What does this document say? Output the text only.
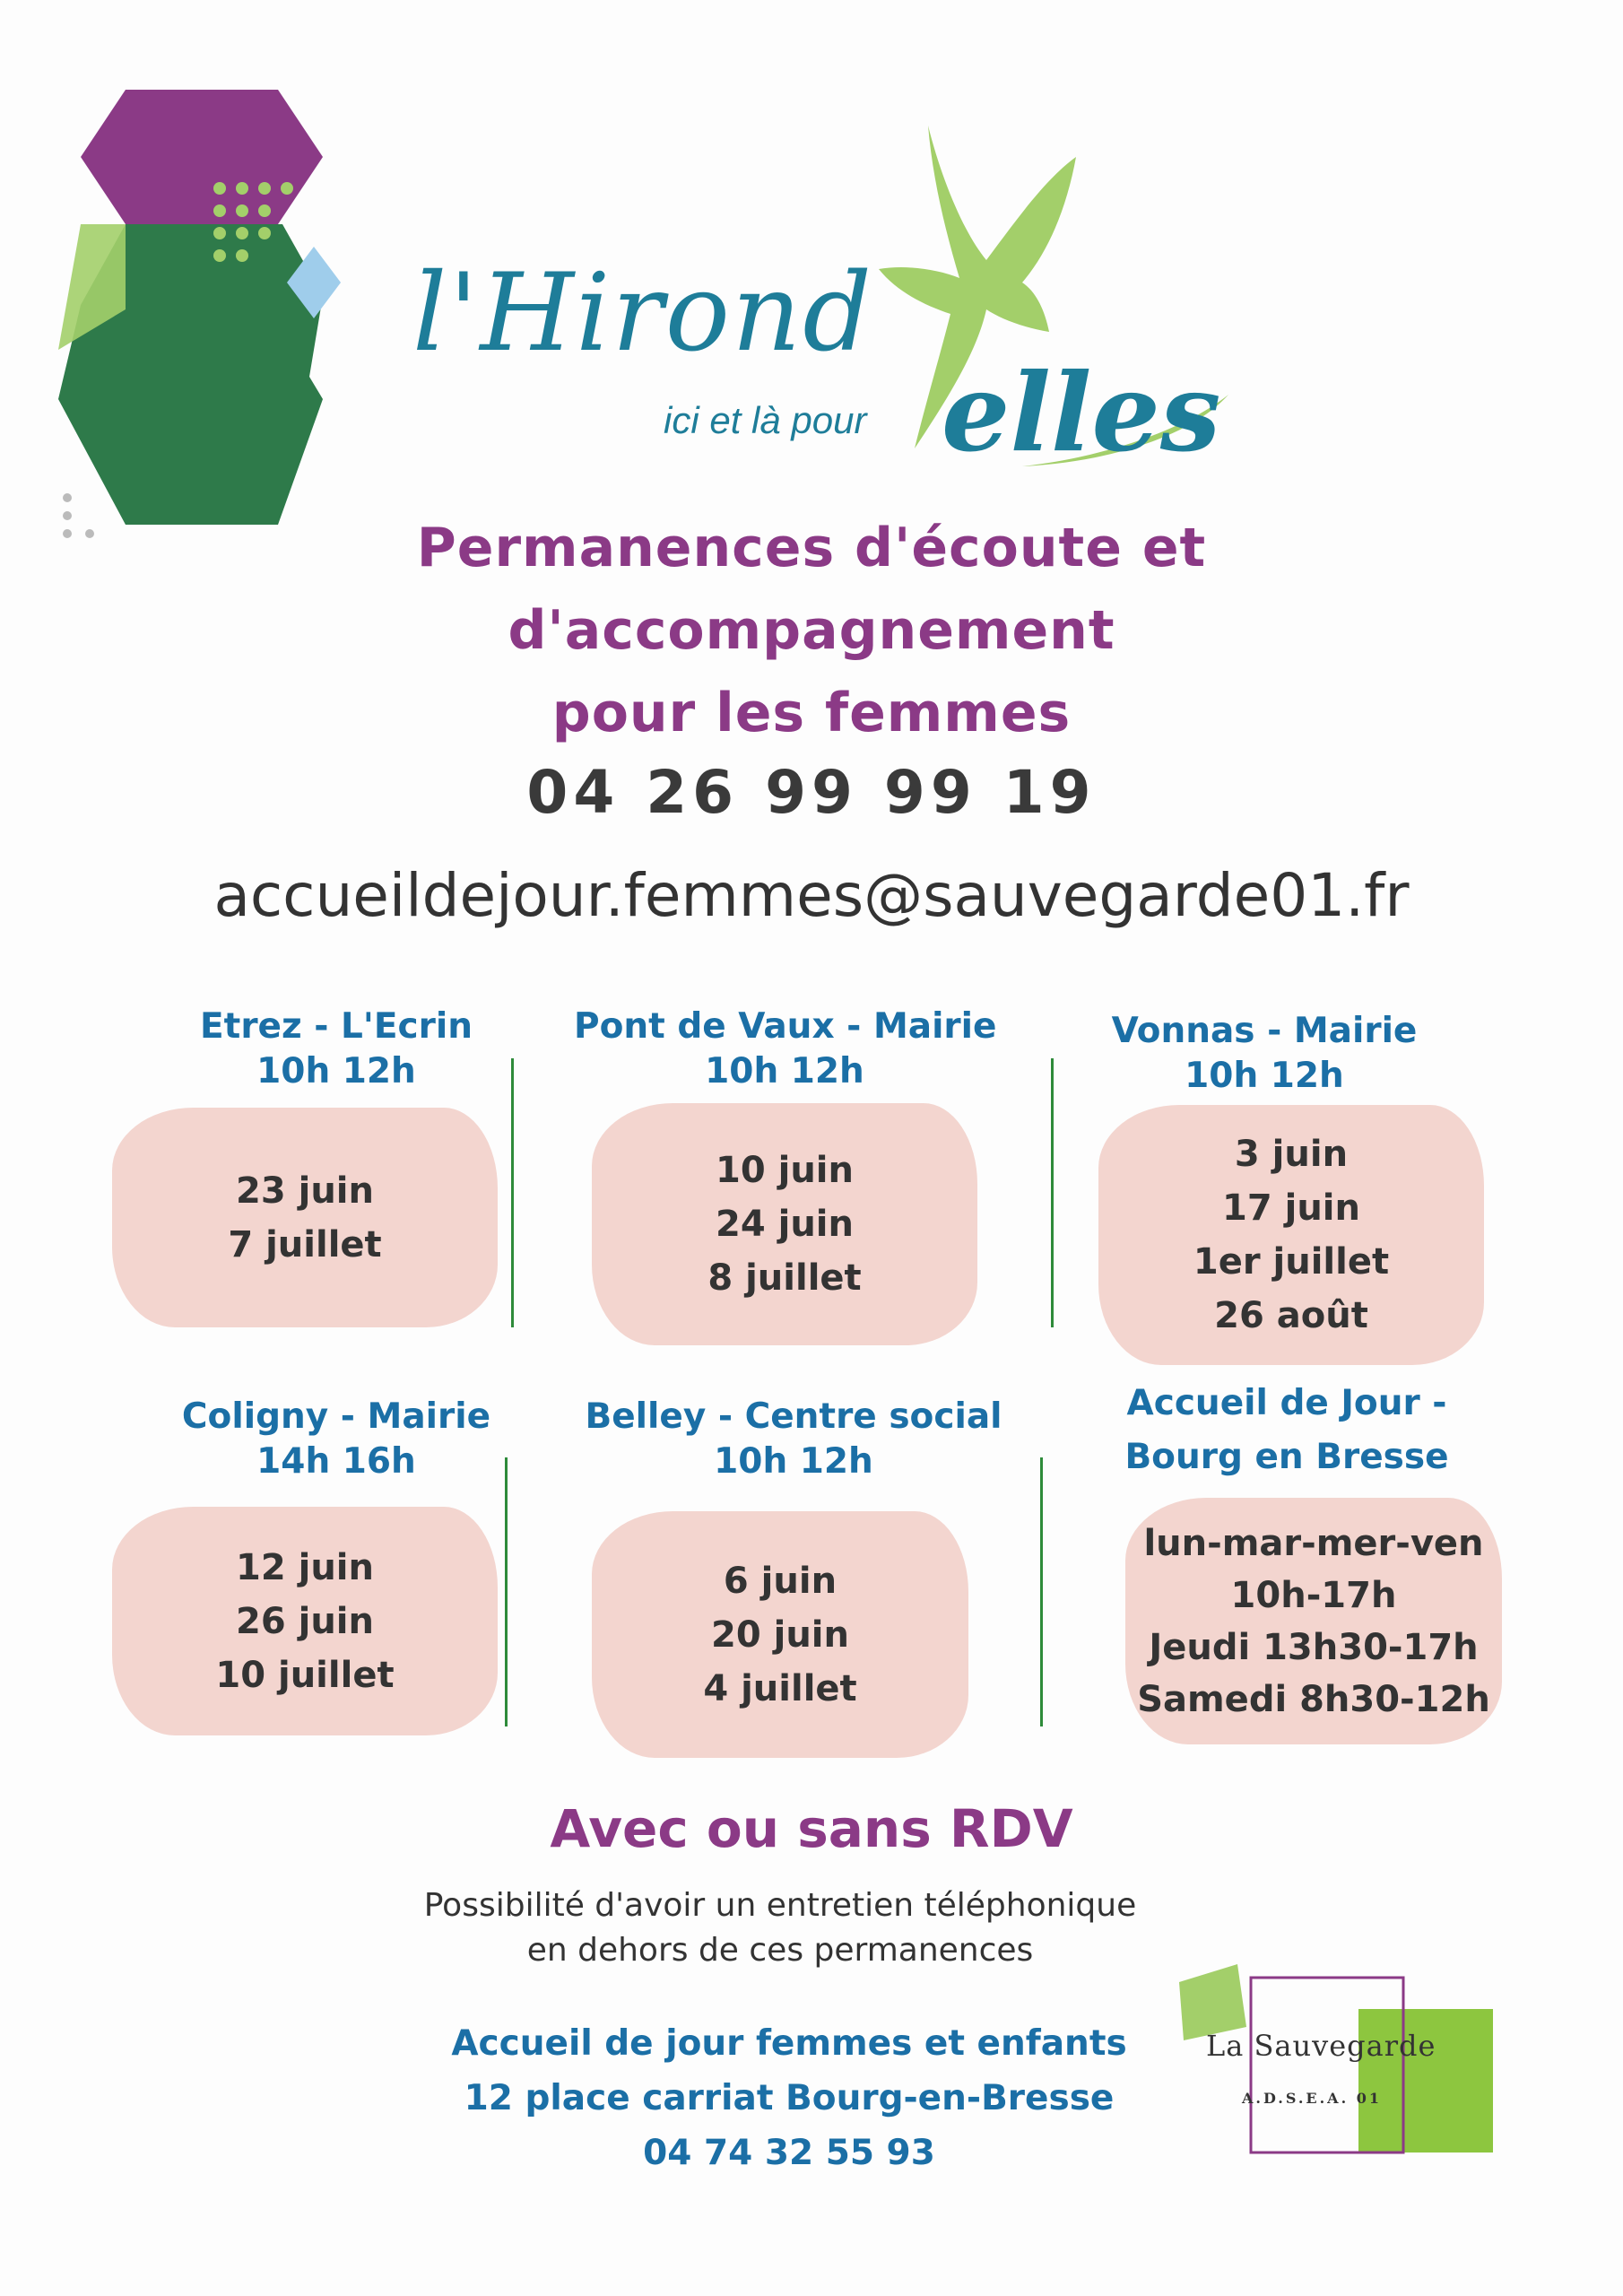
l'Hirond
ici et là pour elles
Permanences d'écoute et
d'accompagnement
pour les femmes
04 26 99 99 19
accueildejour.femmes@sauvegarde01.fr
Etrez - L'Ecrin
10h 12h
23 juin
7 juillet
Pont de Vaux - Mairie
10h 12h
10 juin
24 juin
8 juillet
Vonnas - Mairie
10h 12h
3 juin
17 juin
1er juillet
26 août
Coligny - Mairie
14h 16h
12 juin
26 juin
10 juillet
Belley - Centre social
10h 12h
6 juin
20 juin
4 juillet
Accueil de Jour -
Bourg en Bresse
lun-mar-mer-ven
10h-17h
Jeudi 13h30-17h
Samedi 8h30-12h
Avec ou sans RDV
Possibilité d'avoir un entretien téléphonique
en dehors de ces permanences
Accueil de jour femmes et enfants
12 place carriat Bourg-en-Bresse
04 74 32 55 93
La Sauvegarde
A.D.S.E.A. 01
